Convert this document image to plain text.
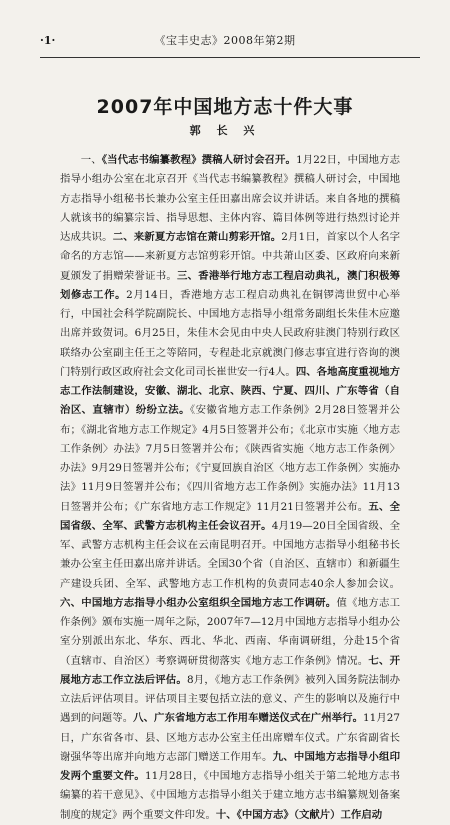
·1·	《宝丰史志》2008年第2期
2007年中国地方志十件大事
郭 长 兴
一、《当代志书编纂教程》撰稿人研讨会召开。1月22日，中国地方志指导小组办公室在北京召开《当代志书编纂教程》撰稿人研讨会，中国地方志指导小组秘书长兼办公室主任田嘉出席会议并讲话。来自各地的撰稿人就该书的编纂宗旨、指导思想、主体内容、篇目体例等进行热烈讨论并达成共识。二、来新夏方志馆在萧山剪彩开馆。2月1日，首家以个人名字命名的方志馆——来新夏方志馆剪彩开馆。中共萧山区委、区政府向来新夏颁发了捐赠荣誉证书。三、香港举行地方志工程启动典礼，澳门积极筹划修志工作。2月14日，香港地方志工程启动典礼在铜锣湾世贸中心举行，中国社会科学院副院长、中国地方志指导小组常务副组长朱佳木应邀出席并致贺词。6月25日，朱佳木会见由中央人民政府驻澳门特别行政区联络办公室副主任王之等陪同，专程赴北京就澳门修志事宜进行咨询的澳门特别行政区政府社会文化司司长崔世安一行4人。四、各地高度重视地方志工作法制建设，安徽、湖北、北京、陕西、宁夏、四川、广东等省（自治区、直辖市）纷纷立法。《安徽省地方志工作条例》2月28日签署并公布；《湖北省地方志工作规定》4月5日签署并公布；《北京市实施〈地方志工作条例〉办法》7月5日签署并公布；《陕西省实施〈地方志工作条例〉办法》9月29日签署并公布；《宁夏回族自治区〈地方志工作条例〉实施办法》11月9日签署并公布；《四川省地方志工作条例》实施办法》11月13日签署并公布；《广东省地方志工作规定》11月21日签署并公布。五、全国省级、全军、武警方志机构主任会议召开。4月19—20日全国省级、全军、武警方志机构主任会议在云南昆明召开。中国地方志指导小组秘书长兼办公室主任田嘉出席并讲话。全国30个省（自治区、直辖市）和新疆生产建设兵团、全军、武警地方志工作机构的负责同志40余人参加会议。六、中国地方志指导小组办公室组织全国地方志工作调研。值《地方志工作条例》颁布实施一周年之际，2007年7—12月中国地方志指导小组办公室分别派出东北、华东、西北、华北、西南、华南调研组，分赴15个省（直辖市、自治区）考察调研贯彻落实《地方志工作条例》情况。七、开展地方志工作立法后评估。8月，《地方志工作条例》被列入国务院法制办立法后评估项目。评估项目主要包括立法的意义、产生的影响以及施行中遇到的问题等。八、广东省地方志工作用车赠送仪式在广州举行。11月27日，广东省各市、县、区地方志办公室主任出席赠车仪式。广东省副省长谢强华等出席并向地方志部门赠送工作用车。九、中国地方志指导小组印发两个重要文件。11月28日，《中国地方志指导小组关于第二轮地方志书编纂的若干意见》、《中国地方志指导小组关于建立地方志书编纂规划备案制度的规定》两个重要文件印发。十、《中国方志》（文献片）工作启动
